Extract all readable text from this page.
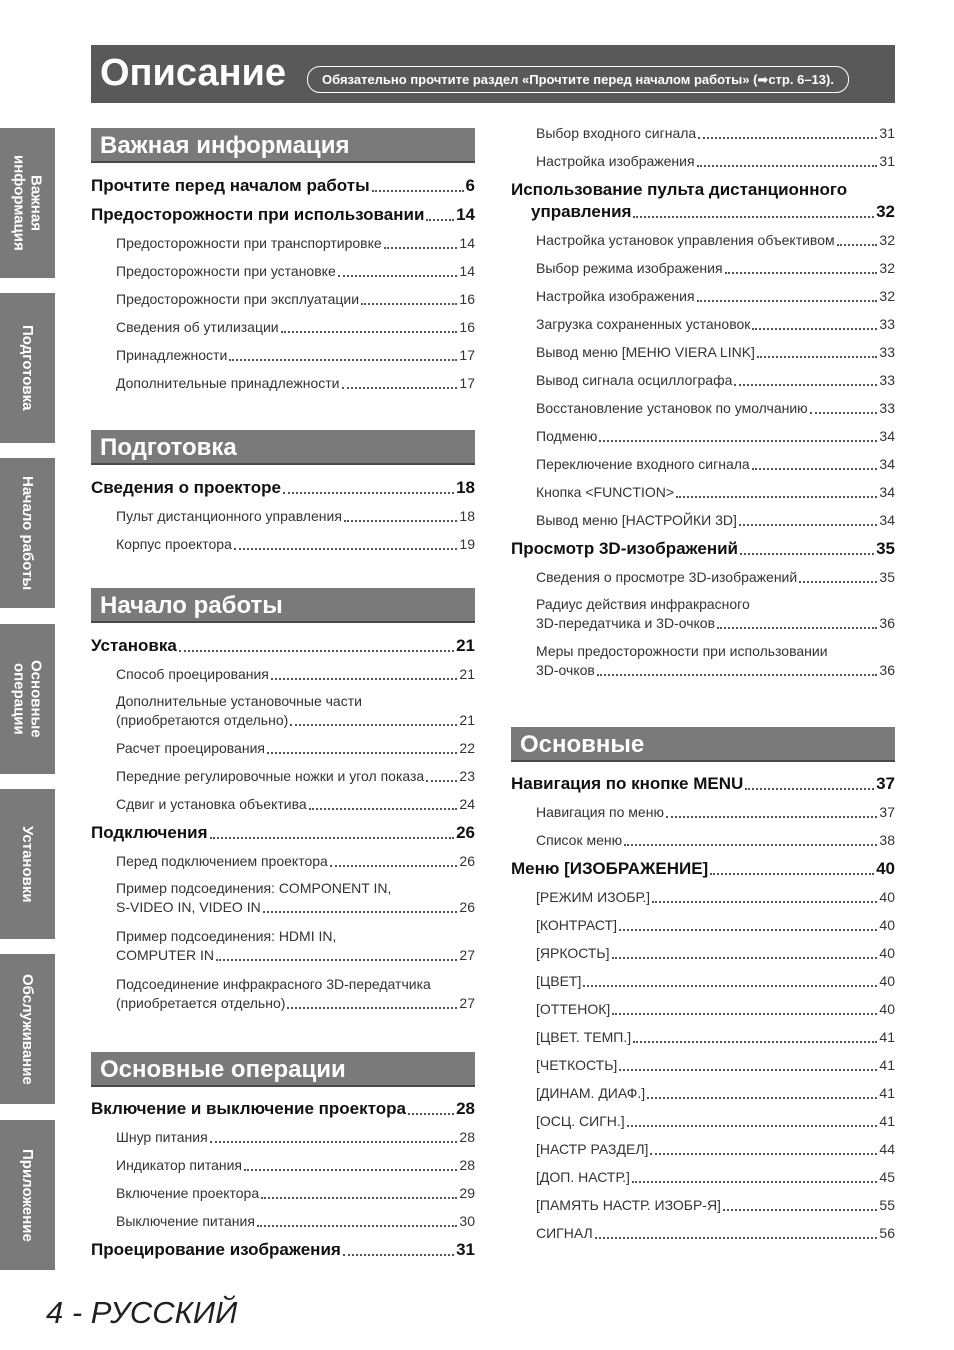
Описание	Обязательно прочтите раздел «Прочтите перед началом работы» (➡стр. 6–13).
Важная
информация
Подготовка
Начало работы
Основные
операции
Установки
Обслуживание
Приложение
Важная информация
Прочтите перед началом работы	6
Предосторожности при использовании 14
Предосторожности при транспортировке	14
Предосторожности при установке	14
Предосторожности при эксплуатации	16
Сведения об утилизации	16
Принадлежности	17
Дополнительные принадлежности	17
Подготовка
Сведения о проекторе	18
Пульт дистанционного управления	18
Корпус проектора	19
Начало работы
Установка	21
Способ проецирования	21
Дополнительные установочные части
(приобретаются отдельно)	21
Расчет проецирования	22
Передние регулировочные ножки и угол показа	23
Сдвиг и установка объектива	24
Подключения	26
Перед подключением проектора	26
Пример подсоединения: COMPONENT IN,
S-VIDEO IN, VIDEO IN	26
Пример подсоединения: HDMI IN,
COMPUTER IN	27
Подсоединение инфракрасного 3D-передатчика
(приобретается отдельно)	27
Основные операции
Включение и выключение проектора	28
Шнур питания	28
Индикатор питания	28
Включение проектора	29
Выключение питания	30
Проецирование изображения	31
Выбор входного сигнала	31
Настройка изображения	31
Использование пульта дистанционного
управления	32
Настройка установок управления объективом	32
Выбор режима изображения	32
Настройка изображения	32
Загрузка сохраненных установок	33
Вывод меню [МЕНЮ VIERA LINK]	33
Вывод сигнала осциллографа	33
Восстановление установок по умолчанию	33
Подменю	34
Переключение входного сигнала	34
Кнопка <FUNCTION>	34
Вывод меню [НАСТРОЙКИ 3D]	34
Просмотр 3D-изображений	35
Сведения о просмотре 3D-изображений	35
Радиус действия инфракрасного
3D-передатчика и 3D-очков	36
Меры предосторожности при использовании
3D-очков	36
Основные
Навигация по кнопке MENU	37
Навигация по меню	37
Список меню	38
Меню [ИЗОБРАЖЕНИЕ]	40
[РЕЖИМ ИЗОБР.]	40
[КОНТРАСТ]	40
[ЯРКОСТЬ]	40
[ЦВЕТ]	40
[ОТТЕНОК]	40
[ЦВЕТ. ТЕМП.]	41
[ЧЕТКОСТЬ]	41
[ДИНАМ. ДИАФ.]	41
[ОСЦ. СИГН.]	41
[НАСТР РАЗДЕЛ]	44
[ДОП. НАСТР.]	45
[ПАМЯТЬ НАСТР. ИЗОБР-Я]	55
СИГНАЛ	56
4 - РУССКИЙ
